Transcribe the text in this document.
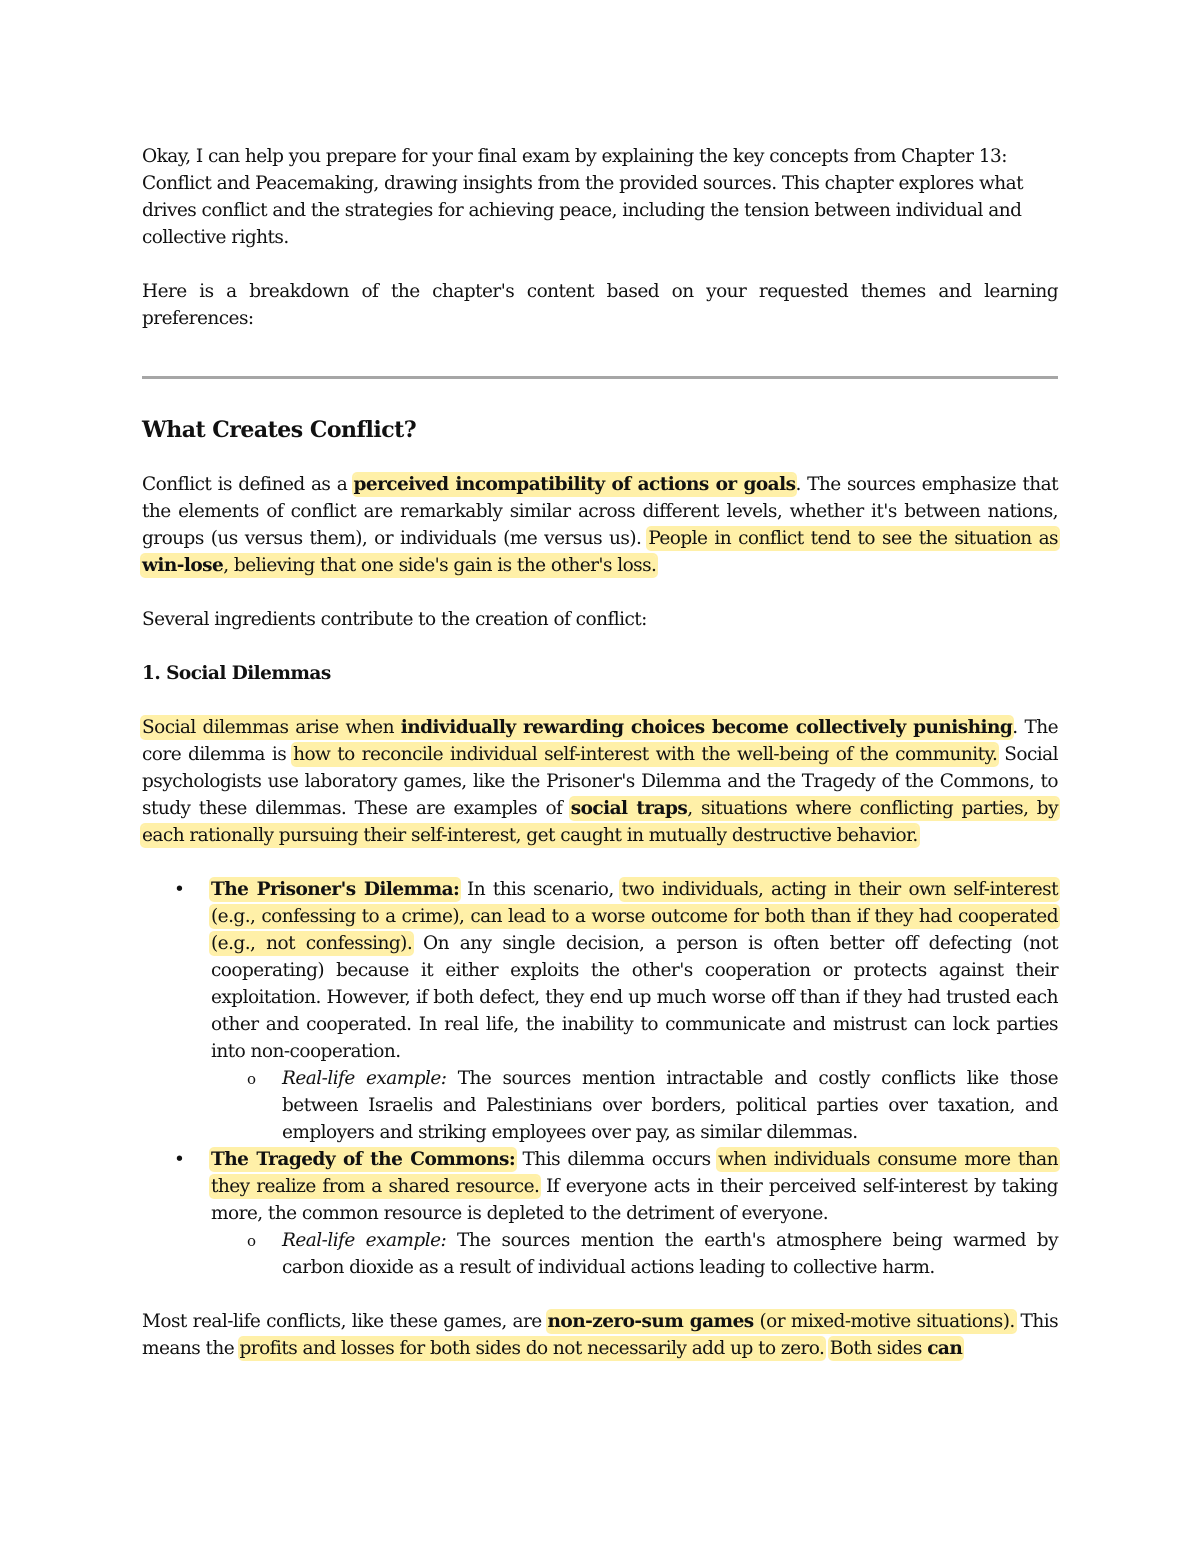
Okay, I can help you prepare for your final exam by explaining the key concepts from Chapter 13: Conflict and Peacemaking, drawing insights from the provided sources. This chapter explores what drives conflict and the strategies for achieving peace, including the tension between individual and collective rights.

Here is a breakdown of the chapter's content based on your requested themes and learning preferences:

What Creates Conflict?

Conflict is defined as a perceived incompatibility of actions or goals. The sources emphasize that the elements of conflict are remarkably similar across different levels, whether it's between nations, groups (us versus them), or individuals (me versus us). People in conflict tend to see the situation as win-lose, believing that one side's gain is the other's loss.

Several ingredients contribute to the creation of conflict:

1. Social Dilemmas

Social dilemmas arise when individually rewarding choices become collectively punishing. The core dilemma is how to reconcile individual self-interest with the well-being of the community. Social psychologists use laboratory games, like the Prisoner's Dilemma and the Tragedy of the Commons, to study these dilemmas. These are examples of social traps, situations where conflicting parties, by each rationally pursuing their self-interest, get caught in mutually destructive behavior.

• The Prisoner's Dilemma: In this scenario, two individuals, acting in their own self-interest (e.g., confessing to a crime), can lead to a worse outcome for both than if they had cooperated (e.g., not confessing). On any single decision, a person is often better off defecting (not cooperating) because it either exploits the other's cooperation or protects against their exploitation. However, if both defect, they end up much worse off than if they had trusted each other and cooperated. In real life, the inability to communicate and mistrust can lock parties into non-cooperation.
o Real-life example: The sources mention intractable and costly conflicts like those between Israelis and Palestinians over borders, political parties over taxation, and employers and striking employees over pay, as similar dilemmas.
• The Tragedy of the Commons: This dilemma occurs when individuals consume more than they realize from a shared resource. If everyone acts in their perceived self-interest by taking more, the common resource is depleted to the detriment of everyone.
o Real-life example: The sources mention the earth's atmosphere being warmed by carbon dioxide as a result of individual actions leading to collective harm.

Most real-life conflicts, like these games, are non-zero-sum games (or mixed-motive situations). This means the profits and losses for both sides do not necessarily add up to zero. Both sides can
